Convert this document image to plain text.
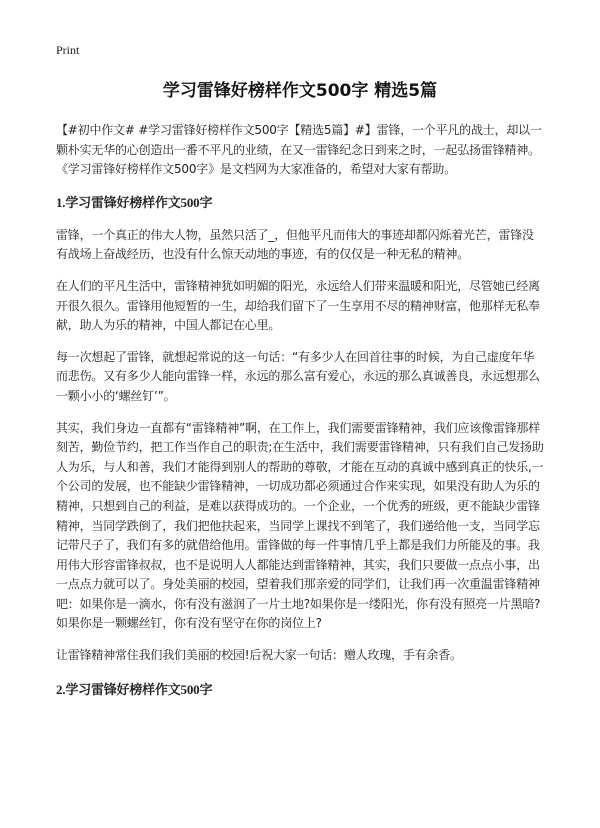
Print
学习雷锋好榜样作文500字 精选5篇

【#初中作文# #学习雷锋好榜样作文500字【精选5篇】#】雷锋，一个平凡的战士，却以一颗朴实无华的心创造出一番不平凡的业绩，在又一雷锋纪念日到来之时，一起弘扬雷锋精神。《学习雷锋好榜样作文500字》是文档网为大家准备的，希望对大家有帮助。

1.学习雷锋好榜样作文500字

雷锋，一个真正的伟大人物，虽然只活了_，但他平凡而伟大的事迹却都闪烁着光芒，雷锋没有战场上奋战经历，也没有什么惊天动地的事迹，有的仅仅是一种无私的精神。

在人们的平凡生活中，雷锋精神犹如明媚的阳光，永远给人们带来温暖和阳光，尽管她已经离开很久很久。雷锋用他短暂的一生，却给我们留下了一生享用不尽的精神财富，他那样无私奉献，助人为乐的精神，中国人都记在心里。

每一次想起了雷锋，就想起常说的这一句话：“有多少人在回首往事的时候，为自己虚度年华而悲伤。又有多少人能向雷锋一样，永远的那么富有爱心，永远的那么真诚善良，永远想那么一颗小小的‘螺丝钉’”。

其实，我们身边一直都有“雷锋精神”啊，在工作上，我们需要雷锋精神，我们应该像雷锋那样刻苦，勤俭节约，把工作当作自己的职责;在生活中，我们需要雷锋精神，只有我们自己发扬助人为乐，与人和善，我们才能得到别人的帮助的尊敬，才能在互动的真诚中感到真正的快乐,一个公司的发展，也不能缺少雷锋精神，一切成功都必须通过合作来实现，如果没有助人为乐的精神，只想到自己的利益，是难以获得成功的。一个企业，一个优秀的班级，更不能缺少雷锋精神，当同学跌倒了，我们把他扶起来，当同学上课找不到笔了，我们递给他一支，当同学忘记带尺子了，我们有多的就借给他用。雷锋做的每一件事情几乎上都是我们力所能及的事。我用伟大形容雷锋叔叔，也不是说明人人都能达到雷锋精神，其实，我们只要做一点点小事，出一点点力就可以了。身处美丽的校园，望着我们那亲爱的同学们，让我们再一次重温雷锋精神吧：如果你是一滴水，你有没有滋润了一片土地?如果你是一缕阳光，你有没有照亮一片黑暗?如果你是一颗螺丝钉，你有没有坚守在你的岗位上?

让雷锋精神常住我们我们美丽的校园!后祝大家一句话：赠人玫瑰，手有余香。

2.学习雷锋好榜样作文500字
